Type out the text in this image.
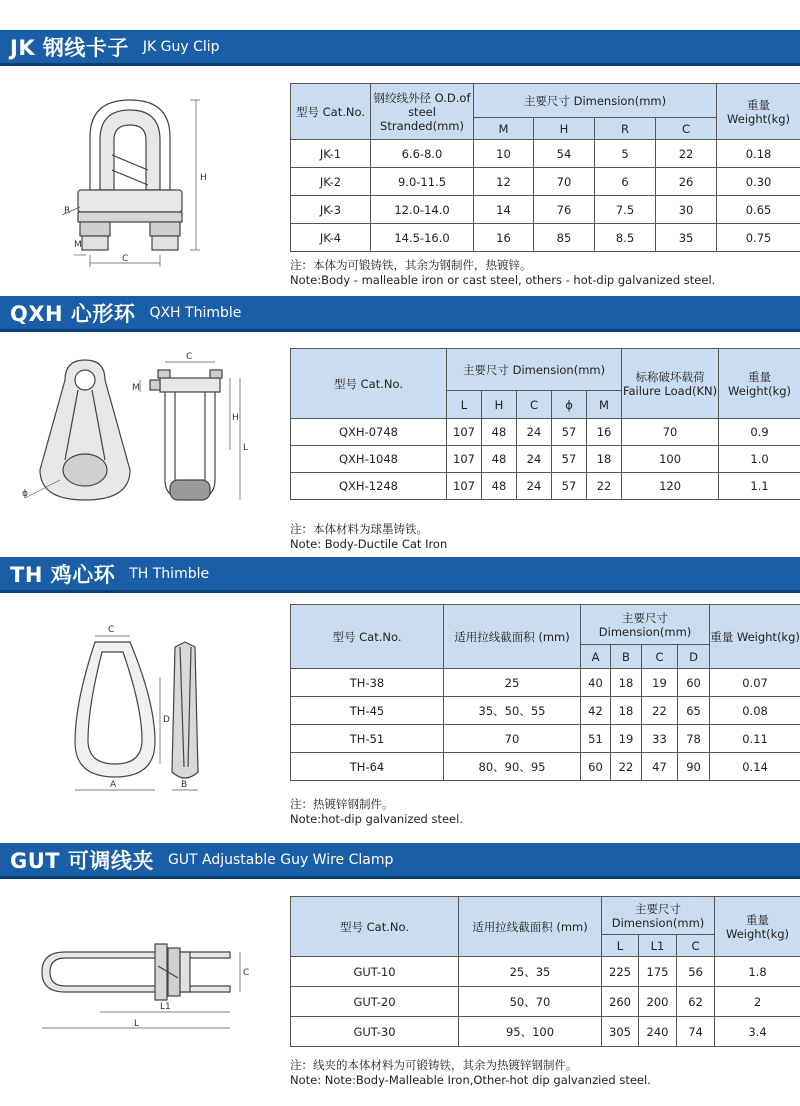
JK 钢线卡子 JK Guy Clip
H
R
M
C
型号 Cat.No.	钢绞线外径 O.D.of steel Stranded(mm)	主要尺寸 Dimension(mm)				重量 Weight(kg)
		M	H	R	C	
JK-1	6.6-8.0	10	54	5	22	0.18
JK-2	9.0-11.5	12	70	6	26	0.30
JK-3	12.0-14.0	14	76	7.5	30	0.65
JK-4	14.5-16.0	16	85	8.5	35	0.75
注：本体为可锻铸铁，其余为钢制件，热镀锌。
Note:Body - malleable iron or cast steel, others - hot-dip galvanized steel.
QXH 心形环 QXH Thimble
C
M
H
L
ϕ
型号 Cat.No.	主要尺寸 Dimension(mm)					标称破坏载荷 Failure Load(KN)	重量 Weight(kg)
	L	H	C	ϕ	M		
QXH-0748	107	48	24	57	16	70	0.9
QXH-1048	107	48	24	57	18	100	1.0
QXH-1248	107	48	24	57	22	120	1.1
注：本体材料为球墨铸铁。
Note: Body-Ductile Cat Iron
TH 鸡心环 TH Thimble
C
D
A	B
型号 Cat.No.	适用拉线截面积 (mm)	主要尺寸 Dimension(mm)				重量 Weight(kg)
		A	B	C	D	
TH-38	25	40	18	19	60	0.07
TH-45	35、50、55	42	18	22	65	0.08
TH-51	70	51	19	33	78	0.11
TH-64	80、90、95	60	22	47	90	0.14
注：热镀锌钢制件。
Note:hot-dip galvanized steel.
GUT 可调线夹 GUT Adjustable Guy Wire Clamp
C
L1
L
型号 Cat.No.	适用拉线截面积 (mm)	主要尺寸 Dimension(mm)			重量 Weight(kg)
		L	L1	C	
GUT-10	25、35	225	175	56	1.8
GUT-20	50、70	260	200	62	2
GUT-30	95、100	305	240	74	3.4
注：线夹的本体材料为可锻铸铁，其余为热镀锌钢制件。
Note: Note:Body-Malleable Iron,Other-hot dip galvanzied steel.
